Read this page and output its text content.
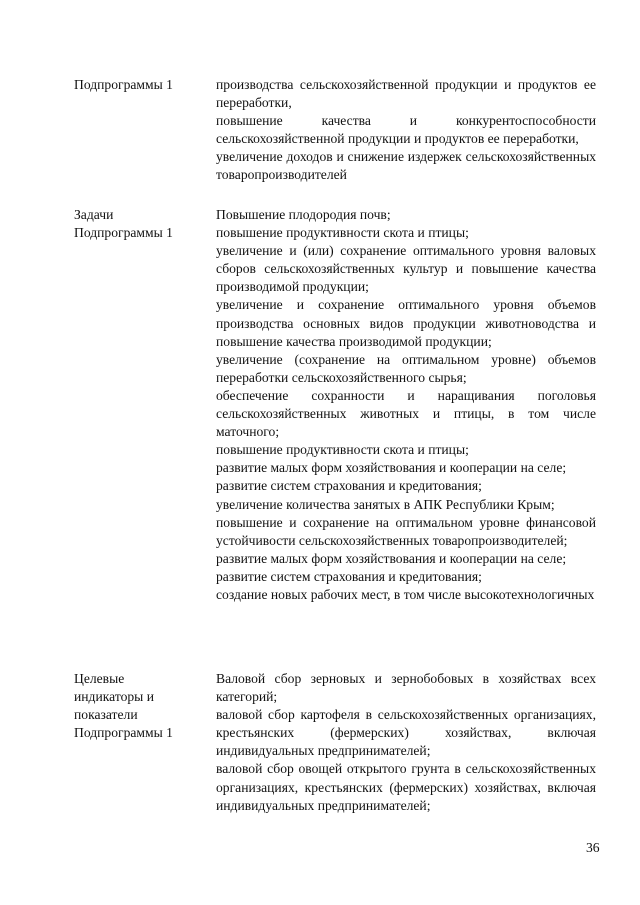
Подпрограммы 1	производства сельскохозяйственной продукции и продуктов ее переработки,

повышение качества и конкурентоспособности сельскохозяйственной продукции и продуктов ее переработки,

увеличение доходов и снижение издержек сельскохозяйственных товаропроизводителей

Задачи
Подпрограммы 1

Повышение плодородия почв;

повышение продуктивности скота и птицы;

увеличение и (или) сохранение оптимального уровня валовых сборов сельскохозяйственных культур и повышение качества производимой продукции;

увеличение и сохранение оптимального уровня объемов производства основных видов продукции животноводства и повышение качества производимой продукции;

увеличение (сохранение на оптимальном уровне) объемов переработки сельскохозяйственного сырья;

обеспечение сохранности и наращивания поголовья сельскохозяйственных животных и птицы, в том числе маточного;

повышение продуктивности скота и птицы;

развитие малых форм хозяйствования и кооперации на селе;

развитие систем страхования и кредитования;

увеличение количества занятых в АПК Республики Крым;

повышение и сохранение на оптимальном уровне финансовой устойчивости сельскохозяйственных товаропроизводителей;

развитие малых форм хозяйствования и кооперации на селе;

развитие систем страхования и кредитования;

создание новых рабочих мест, в том числе высокотехнологичных

Целевые
индикаторы и
показатели
Подпрограммы 1

Валовой сбор зерновых и зернобобовых в хозяйствах всех категорий;

валовой сбор картофеля в сельскохозяйственных организациях, крестьянских (фермерских) хозяйствах, включая индивидуальных предпринимателей;

валовой сбор овощей открытого грунта в сельскохозяйственных организациях, крестьянских (фермерских) хозяйствах, включая индивидуальных предпринимателей;

36
